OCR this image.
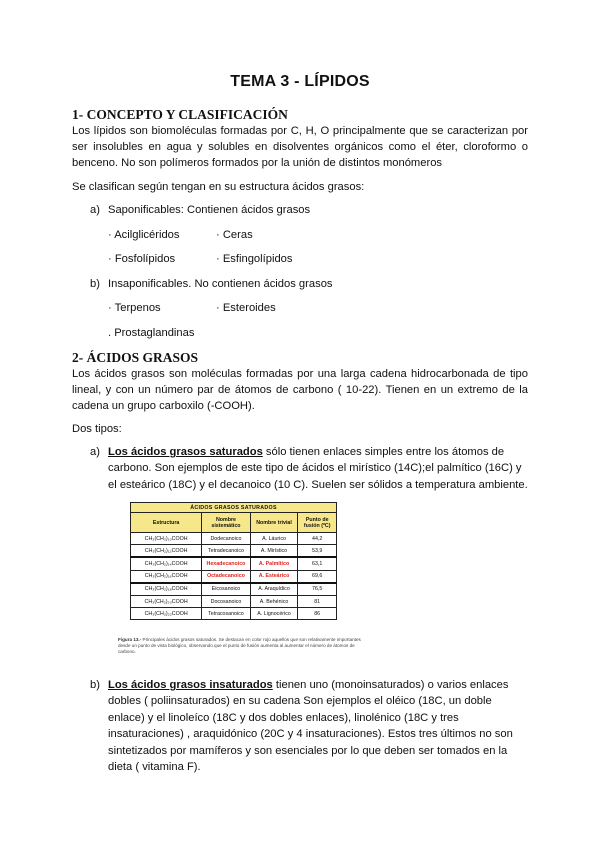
TEMA 3 - LÍPIDOS
1- CONCEPTO Y CLASIFICACIÓN
Los lípidos son biomoléculas formadas por C, H, O principalmente que se caracterizan por ser insolubles en agua y solubles en disolventes orgánicos como el éter, cloroformo o benceno. No son polímeros formados por la unión de distintos monómeros
Se clasifican según tengan en su estructura ácidos grasos:
a) Saponificables: Contienen ácidos grasos
· Acilglicéridos	· Ceras
· Fosfolípidos	· Esfingolípidos
b) Insaponificables. No contienen ácidos grasos
· Terpenos	· Esteroides
. Prostaglandinas
2- ÁCIDOS GRASOS
Los ácidos grasos son moléculas formadas por una larga cadena hidrocarbonada de tipo lineal, y con un número par de átomos de carbono ( 10-22). Tienen en un extremo de la cadena un grupo carboxilo (-COOH).
Dos tipos:
a) Los ácidos grasos saturados sólo tienen enlaces simples entre los átomos de carbono. Son ejemplos de este tipo de ácidos el mirístico (14C);el palmítico (16C) y el esteárico (18C) y el decanoico (10 C). Suelen ser sólidos a temperatura ambiente.
ÁCIDOS GRASOS SATURADOS			
Estructura	Nombre sistemático	Nombre trivial	Punto de fusión (ºC)
CH₃(CH₂)₁₀COOH	Dodecanoico	A. Láurico	44,2
CH₃(CH₂)₁₂COOH	Tetradecanoico	A. Mirístico	53,9
CH₃(CH₂)₁₄COOH	Hexadecanoico	A. Palmítico	63,1
CH₃(CH₂)₁₆COOH	Octadecanoico	A. Esteárico	69,6
CH₃(CH₂)₁₈COOH	Eicosanoico	A. Araquídico	76,5
CH₃(CH₂)₂₀COOH	Docosanoico	A. Behénico	81
CH₃(CH₂)₂₂COOH	Tetracosanoico	A. Lignocérico	86
Figura 13.- Principales ácidos grasos saturados. Se destacan en color rojo aquellos que son relativamente importantes desde un punto de vista biológico, observando que el punto de fusión aumenta al aumentar el número de átomos de carbono.
b) Los ácidos grasos insaturados tienen uno (monoinsaturados) o varios enlaces dobles ( poliinsaturados) en su cadena Son ejemplos el oléico (18C, un doble enlace) y el linoleíco (18C y dos dobles enlaces), linolénico (18C y tres insaturaciones) , araquidónico (20C y 4 insaturaciones). Estos tres últimos no son sintetizados por mamíferos y son esenciales por lo que deben ser tomados en la dieta ( vitamina F).
